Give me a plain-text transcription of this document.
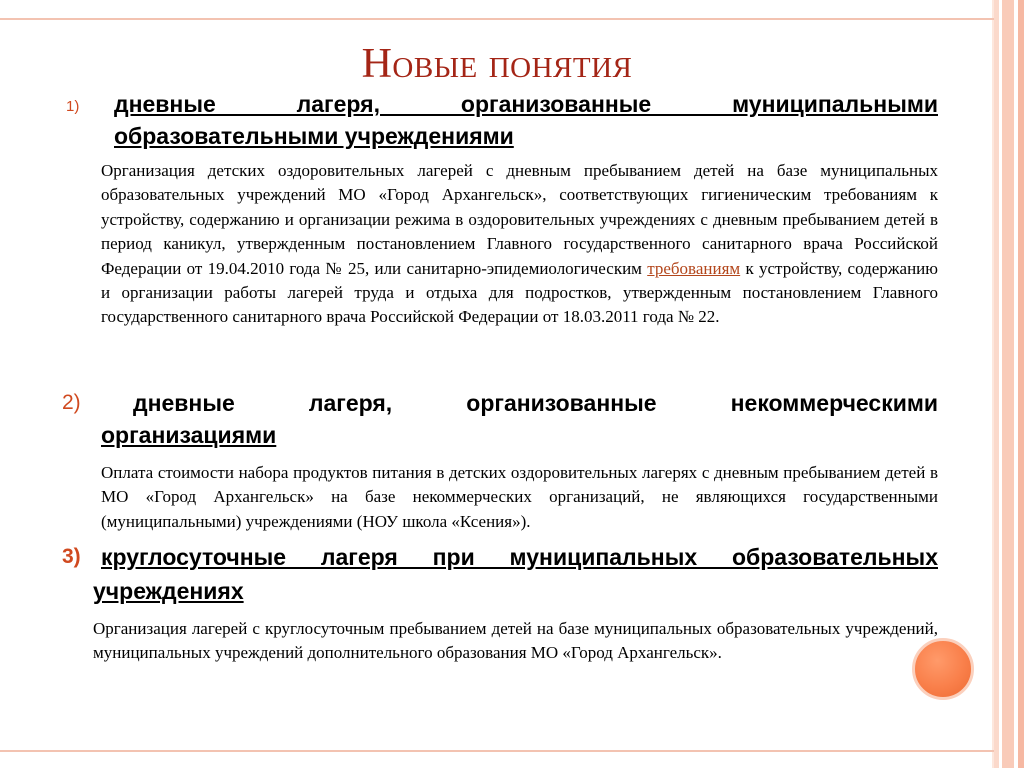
Новые понятия
1) дневные лагеря, организованные муниципальными
образовательными учреждениями
Организация детских оздоровительных лагерей с дневным пребыванием детей на базе муниципальных образовательных учреждений МО «Город Архангельск», соответствующих гигиеническим требованиям к устройству, содержанию и организации режима в оздоровительных учреждениях с дневным пребыванием детей в период каникул, утвержденным постановлением Главного государственного санитарного врача Российской Федерации от 19.04.2010 года № 25, или санитарно-эпидемиологическим требованиям к устройству, содержанию и организации работы лагерей труда и отдыха для подростков, утвержденным постановлением Главного государственного санитарного врача Российской Федерации от 18.03.2011 года № 22.
2) дневные лагеря, организованные некоммерческими
организациями
Оплата стоимости набора продуктов питания в детских оздоровительных лагерях с дневным пребыванием детей в МО «Город Архангельск» на базе некоммерческих организаций, не являющихся государственными (муниципальными) учреждениями (НОУ школа «Ксения»).
3) круглосуточные лагеря при муниципальных образовательных
учреждениях
Организация лагерей с круглосуточным пребыванием детей на базе муниципальных образовательных учреждений, муниципальных учреждений дополнительного образования МО «Город Архангельск».
